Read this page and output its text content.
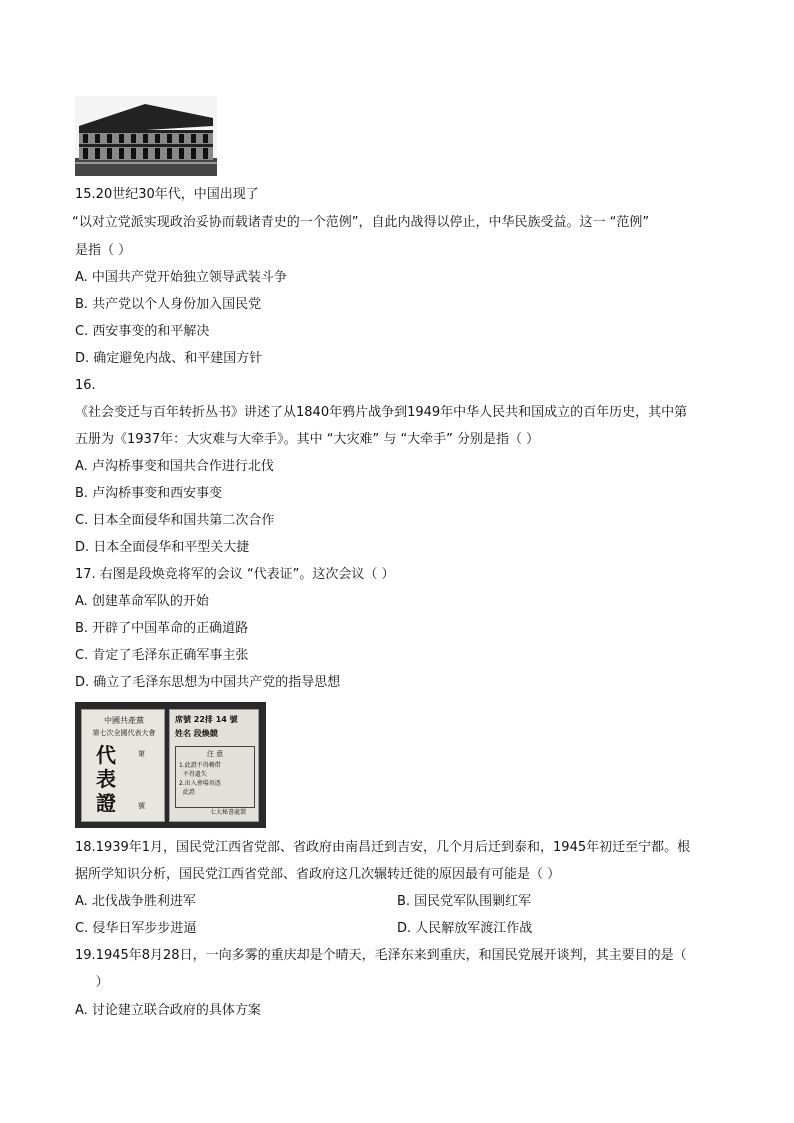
15.20世纪30年代，中国出现了
“以对立党派实现政治妥协而载诸青史的一个范例”，自此内战得以停止，中华民族受益。这一 “范例”
是指（ ）
A. 中国共产党开始独立领导武装斗争
B. 共产党以个人身份加入国民党
C. 西安事变的和平解决
D. 确定避免内战、和平建国方针
16.
《社会变迁与百年转折丛书》讲述了从1840年鸦片战争到1949年中华人民共和国成立的百年历史，其中第
五册为《1937年：大灾难与大牵手》。其中 “大灾难” 与 “大牵手” 分别是指（ ）
A. 卢沟桥事变和国共合作进行北伐
B. 卢沟桥事变和西安事变
C. 日本全面侵华和国共第二次合作
D. 日本全面侵华和平型关大捷
17. 右图是段焕竞将军的会议 “代表证”。这次会议（ ）
A. 创建革命军队的开始
B. 开辟了中国革命的正确道路
C. 肯定了毛泽东正确军事主张
D. 确立了毛泽东思想为中国共产党的指导思想
中國共產黨
第七次全國代表大會
代
表
證
第
號
席號 22排 14 號
姓名 段煥競
注 意
1.此證不得轉借
不得遺失
2.出入會場須憑
此證
七大秘書處製
18.1939年1月，国民党江西省党部、省政府由南昌迁到吉安，几个月后迁到泰和，1945年初迁至宁都。根
据所学知识分析，国民党江西省党部、省政府这几次辗转迁徙的原因最有可能是（ ）
A. 北伐战争胜利进军	B. 国民党军队围剿红军
C. 侵华日军步步进逼	D. 人民解放军渡江作战
19.1945年8月28日，一向多雾的重庆却是个晴天，毛泽东来到重庆，和国民党展开谈判，其主要目的是（
）
A. 讨论建立联合政府的具体方案
